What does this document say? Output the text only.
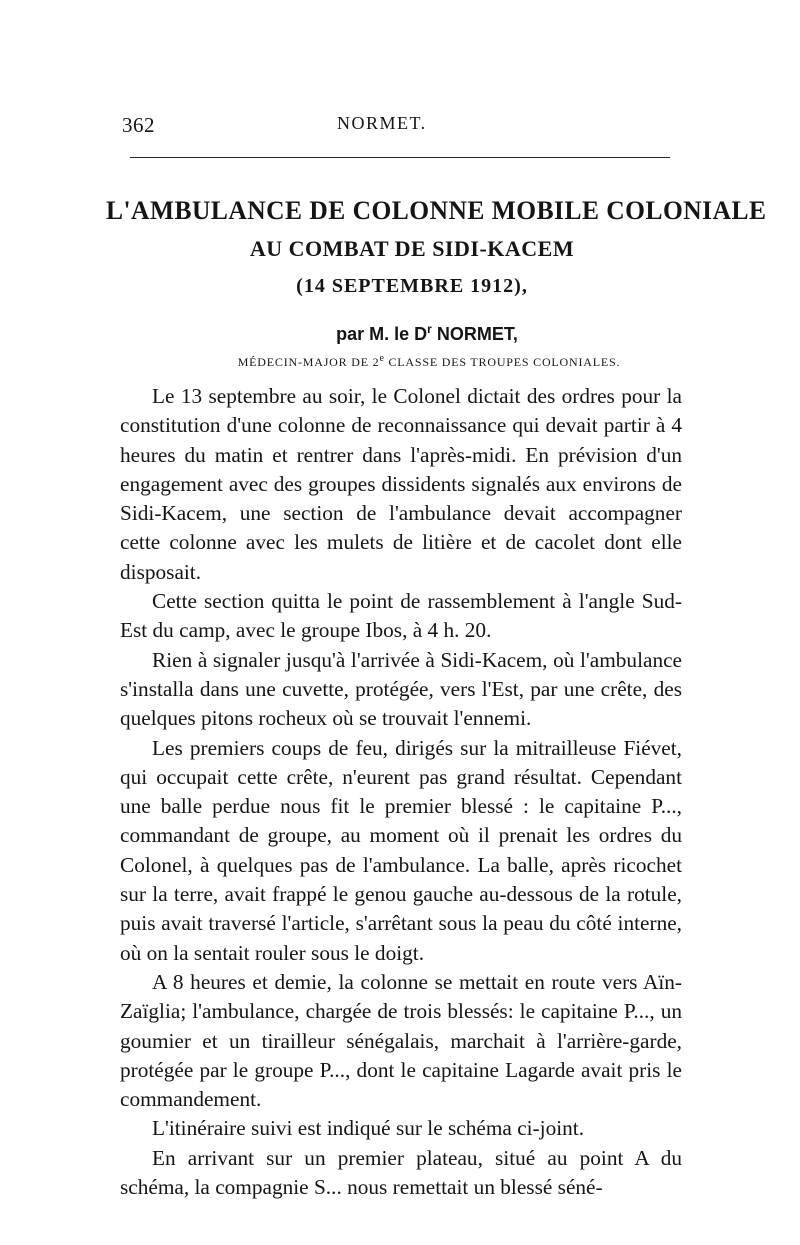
362	NORMET.
L'AMBULANCE DE COLONNE MOBILE COLONIALE
AU COMBAT DE SIDI-KACEM
(14 SEPTEMBRE 1912),
par M. le $D^r$ NORMET,
MÉDECIN-MAJOR DE 2e CLASSE DES TROUPES COLONIALES.

Le 13 septembre au soir, le Colonel dictait des ordres pour la constitution d'une colonne de reconnaissance qui devait partir à 4 heures du matin et rentrer dans l'après-midi. En prévision d'un engagement avec des groupes dissidents signalés aux environs de Sidi-Kacem, une section de l'ambulance devait accompagner cette colonne avec les mulets de litière et de cacolet dont elle disposait.

Cette section quitta le point de rassemblement à l'angle Sud-Est du camp, avec le groupe Ibos, à 4 h. 20.

Rien à signaler jusqu'à l'arrivée à Sidi-Kacem, où l'ambulance s'installa dans une cuvette, protégée, vers l'Est, par une crête, des quelques pitons rocheux où se trouvait l'ennemi.

Les premiers coups de feu, dirigés sur la mitrailleuse Fiévet, qui occupait cette crête, n'eurent pas grand résultat. Cependant une balle perdue nous fit le premier blessé : le capitaine P..., commandant de groupe, au moment où il prenait les ordres du Colonel, à quelques pas de l'ambulance. La balle, après ricochet sur la terre, avait frappé le genou gauche au-dessous de la rotule, puis avait traversé l'article, s'arrêtant sous la peau du côté interne, où on la sentait rouler sous le doigt.

A 8 heures et demie, la colonne se mettait en route vers Aïn-Zaïglia; l'ambulance, chargée de trois blessés: le capitaine P..., un goumier et un tirailleur sénégalais, marchait à l'arrière-garde, protégée par le groupe P..., dont le capitaine Lagarde avait pris le commandement.

L'itinéraire suivi est indiqué sur le schéma ci-joint.

En arrivant sur un premier plateau, situé au point A du schéma, la compagnie S... nous remettait un blessé séné-
